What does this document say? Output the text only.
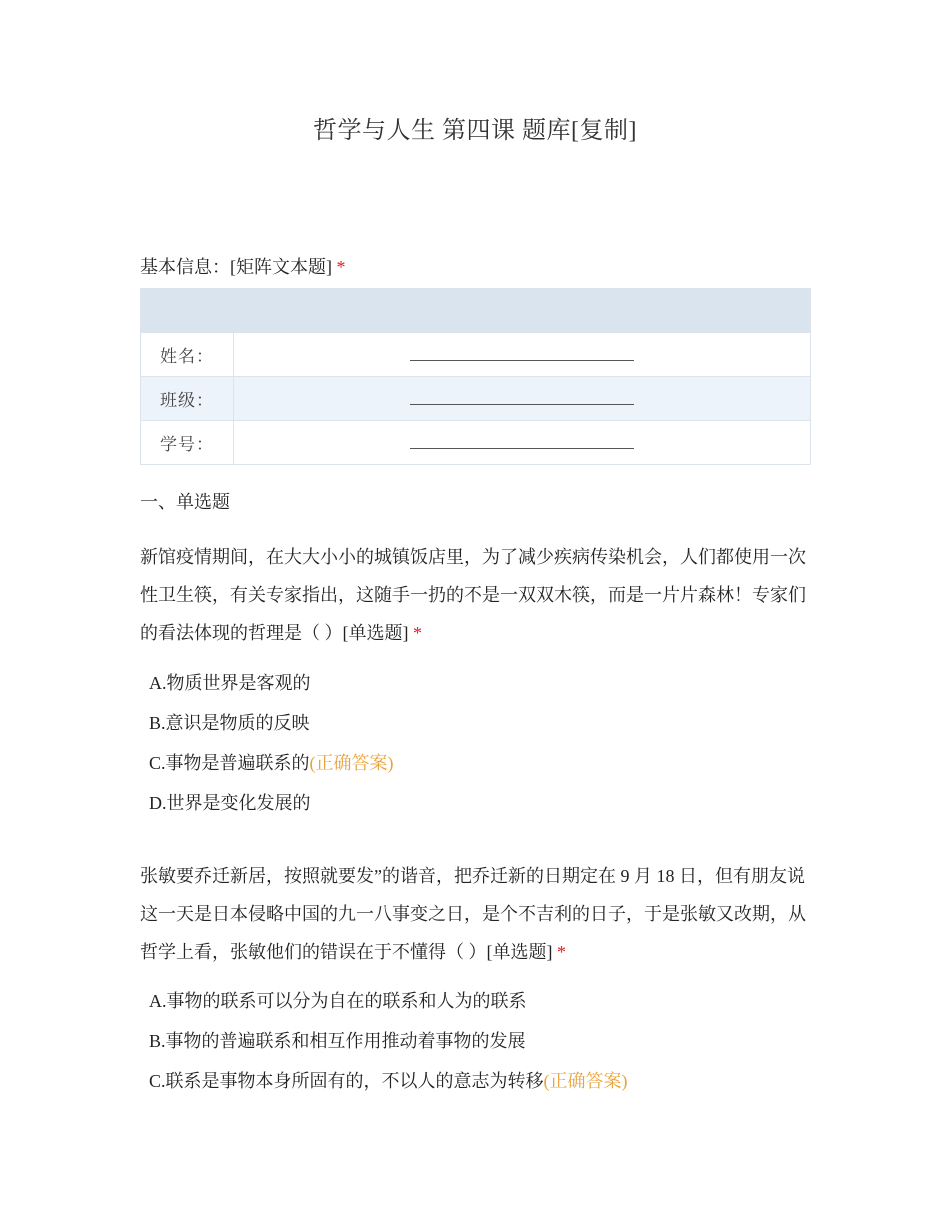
哲学与人生 第四课 题库[复制]
基本信息：[矩阵文本题] *

姓名：	
班级：	
学号：	
一、单选题
新馆疫情期间，在大大小小的城镇饭店里，为了减少疾病传染机会，人们都使用一次性卫生筷，有关专家指出，这随手一扔的不是一双双木筷，而是一片片森林！专家们的看法体现的哲理是（ ）[单选题] *
A.物质世界是客观的
B.意识是物质的反映
C.事物是普遍联系的(正确答案)
D.世界是变化发展的
张敏要乔迁新居，按照就要发”的谐音，把乔迁新的日期定在 9 月 18 日，但有朋友说这一天是日本侵略中国的九一八事变之日，是个不吉利的日子，于是张敏又改期，从哲学上看，张敏他们的错误在于不懂得（ ）[单选题] *
A.事物的联系可以分为自在的联系和人为的联系
B.事物的普遍联系和相互作用推动着事物的发展
C.联系是事物本身所固有的，不以人的意志为转移(正确答案)
